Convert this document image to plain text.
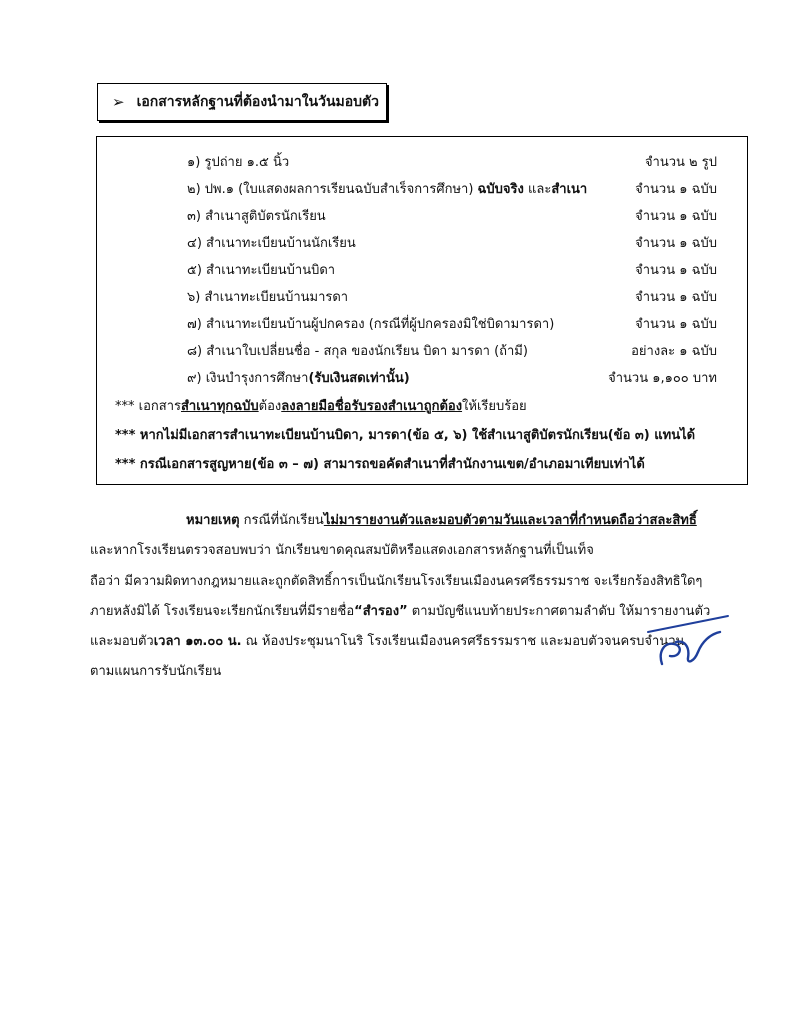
➢ เอกสารหลักฐานที่ต้องนำมาในวันมอบตัว
๑) รูปถ่าย ๑.๕ นิ้ว	จำนวน ๒ รูป
๒) ปพ.๑ (ใบแสดงผลการเรียนฉบับสำเร็จการศึกษา) ฉบับจริง และสำเนา	จำนวน ๑ ฉบับ
๓) สำเนาสูติบัตรนักเรียน	จำนวน ๑ ฉบับ
๔) สำเนาทะเบียนบ้านนักเรียน	จำนวน ๑ ฉบับ
๕) สำเนาทะเบียนบ้านบิดา	จำนวน ๑ ฉบับ
๖) สำเนาทะเบียนบ้านมารดา	จำนวน ๑ ฉบับ
๗) สำเนาทะเบียนบ้านผู้ปกครอง (กรณีที่ผู้ปกครองมิใช่บิดามารดา)	จำนวน ๑ ฉบับ
๘) สำเนาใบเปลี่ยนชื่อ - สกุล ของนักเรียน บิดา มารดา (ถ้ามี)	อย่างละ ๑ ฉบับ
๙) เงินบำรุงการศึกษา(รับเงินสดเท่านั้น)	จำนวน ๑,๑๐๐ บาท
*** เอกสารสำเนาทุกฉบับต้องลงลายมือชื่อรับรองสำเนาถูกต้องให้เรียบร้อย
*** หากไม่มีเอกสารสำเนาทะเบียนบ้านบิดา, มารดา(ข้อ ๕, ๖) ใช้สำเนาสูติบัตรนักเรียน(ข้อ ๓) แทนได้
*** กรณีเอกสารสูญหาย(ข้อ ๓ – ๗) สามารถขอคัดสำเนาที่สำนักงานเขต/อำเภอมาเทียบเท่าได้

หมายเหตุ กรณีที่นักเรียนไม่มารายงานตัวและมอบตัวตามวันและเวลาที่กำหนดถือว่าสละสิทธิ์

และหากโรงเรียนตรวจสอบพบว่า นักเรียนขาดคุณสมบัติหรือแสดงเอกสารหลักฐานที่เป็นเท็จ

ถือว่า มีความผิดทางกฎหมายและถูกตัดสิทธิ์การเป็นนักเรียนโรงเรียนเมืองนครศรีธรรมราช จะเรียกร้องสิทธิใดๆ

ภายหลังมิได้ โรงเรียนจะเรียกนักเรียนที่มีรายชื่อ“สำรอง” ตามบัญชีแนบท้ายประกาศตามลำดับ ให้มารายงานตัว

และมอบตัวเวลา ๑๓.๐๐ น. ณ ห้องประชุมนาโนริ โรงเรียนเมืองนครศรีธรรมราช และมอบตัวจนครบจำนวน

ตามแผนการรับนักเรียน
